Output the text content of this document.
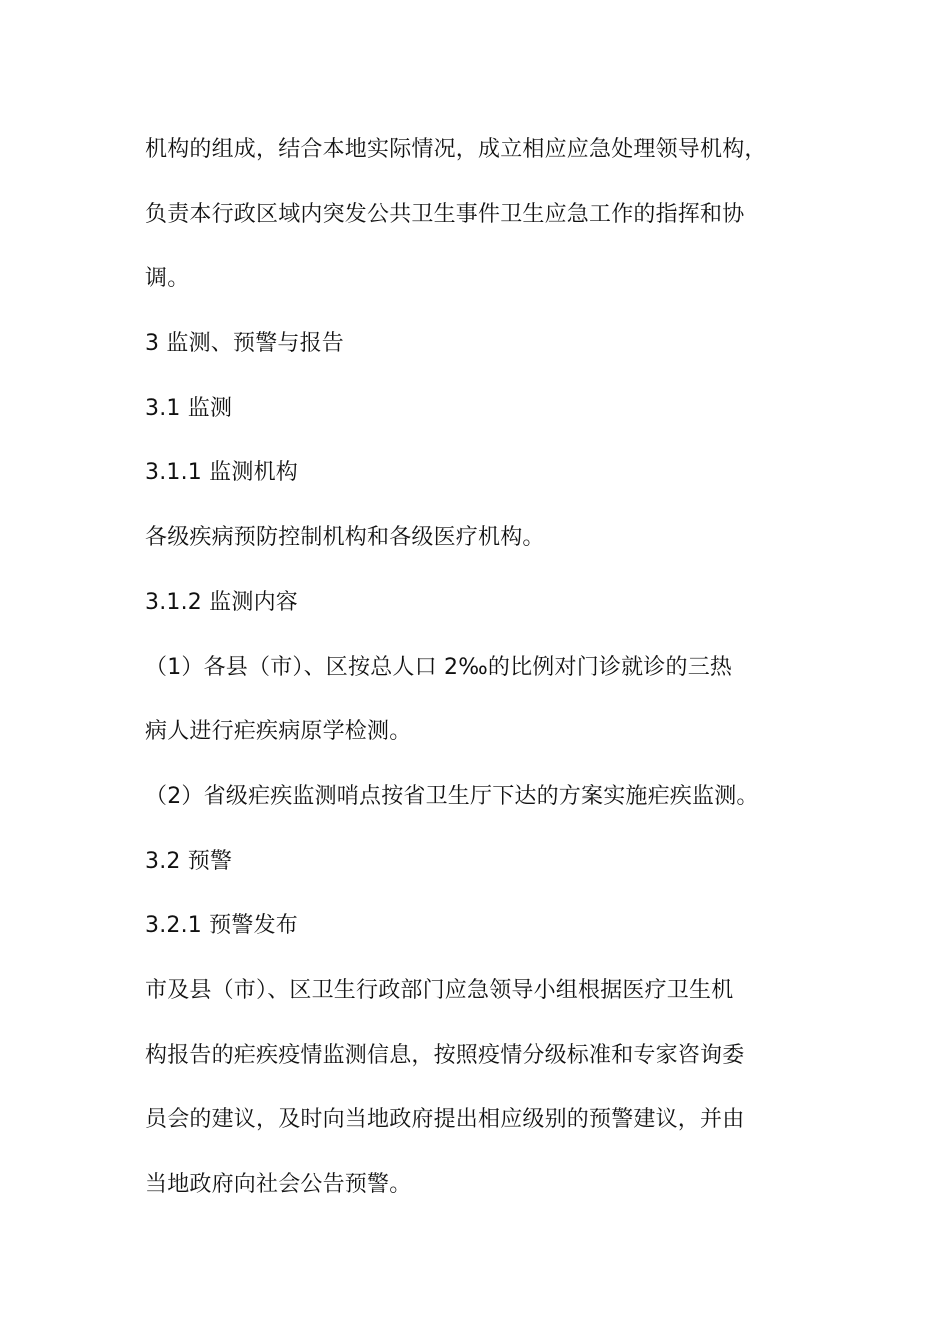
机构的组成，结合本地实际情况，成立相应应急处理领导机构，
负责本行政区域内突发公共卫生事件卫生应急工作的指挥和协
调。
3 监测、预警与报告
3.1 监测
3.1.1 监测机构
各级疾病预防控制机构和各级医疗机构。
3.1.2 监测内容
（1）各县（市）、区按总人口 2‰的比例对门诊就诊的三热
病人进行疟疾病原学检测。
（2）省级疟疾监测哨点按省卫生厅下达的方案实施疟疾监测。
3.2 预警
3.2.1 预警发布
市及县（市）、区卫生行政部门应急领导小组根据医疗卫生机
构报告的疟疾疫情监测信息，按照疫情分级标准和专家咨询委
员会的建议，及时向当地政府提出相应级别的预警建议，并由
当地政府向社会公告预警。
